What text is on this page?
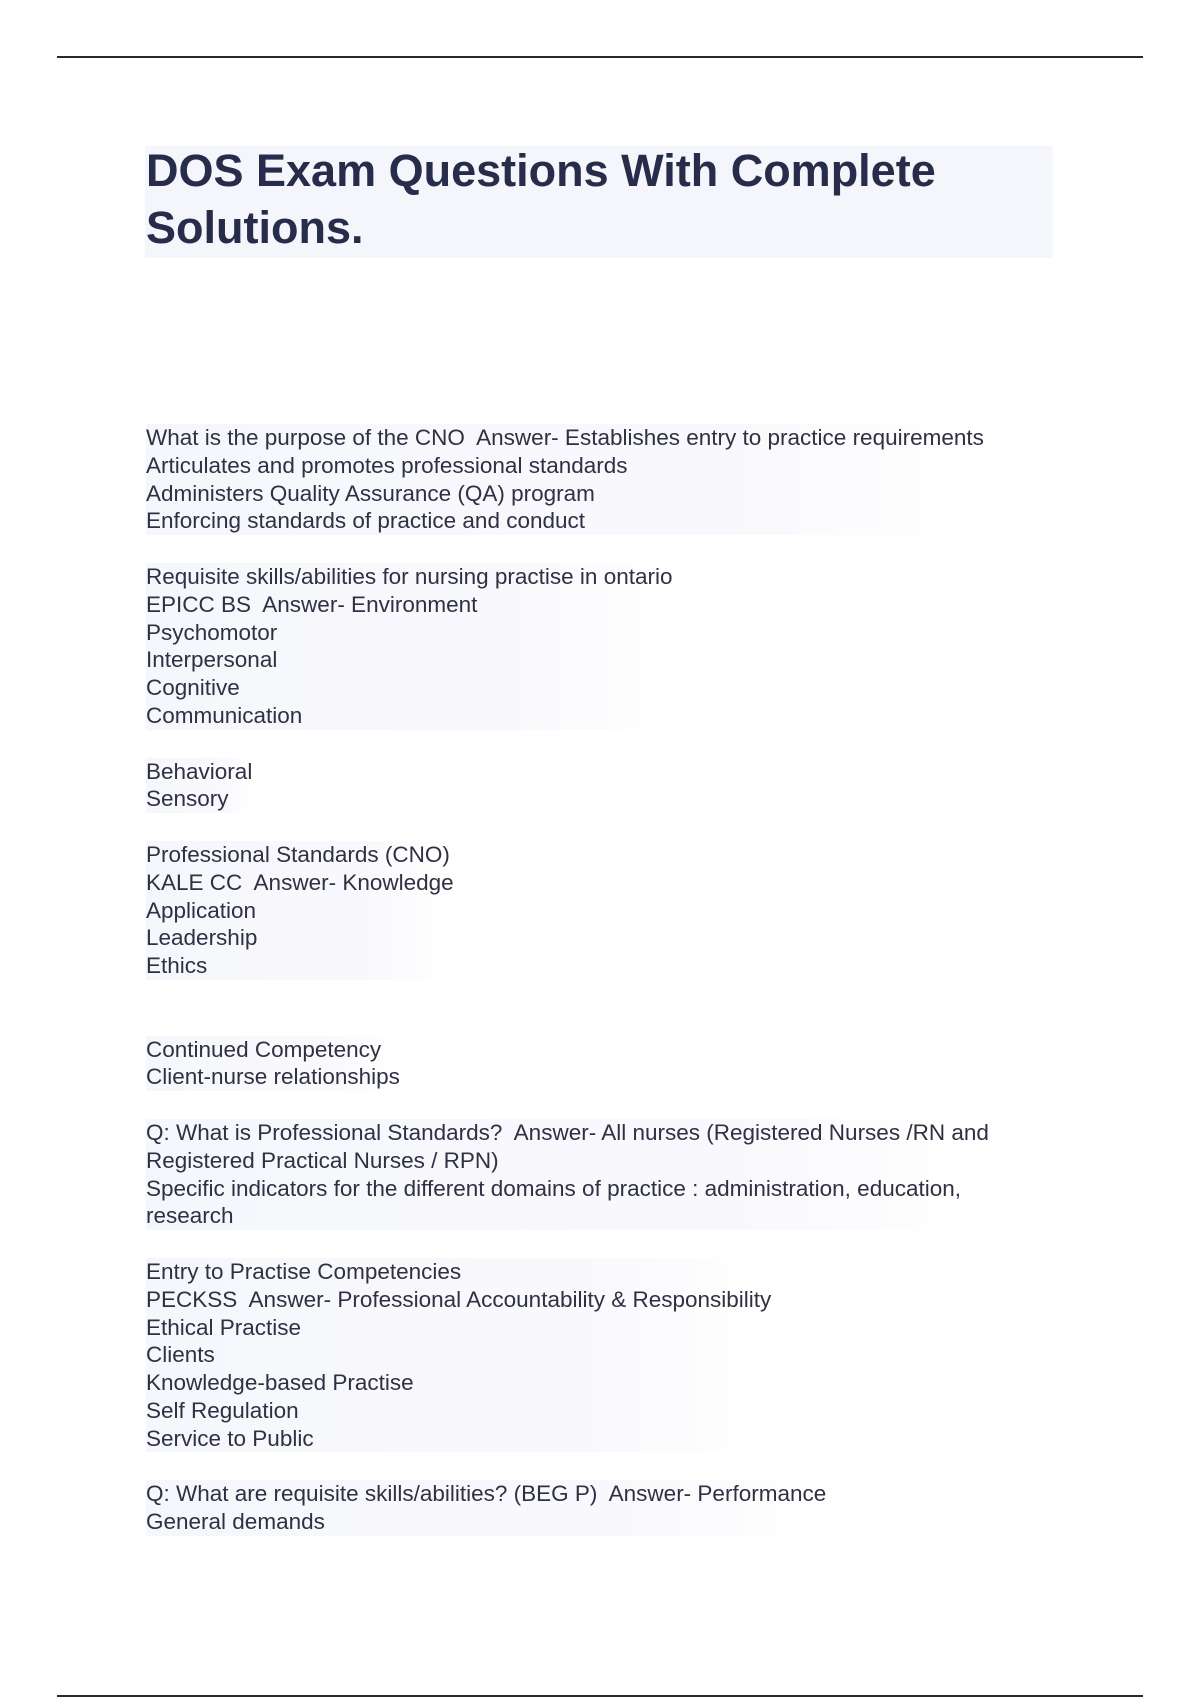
DOS Exam Questions With Complete
Solutions.
What is the purpose of the CNO  Answer- Establishes entry to practice requirements
Articulates and promotes professional standards
Administers Quality Assurance (QA) program
Enforcing standards of practice and conduct
Requisite skills/abilities for nursing practise in ontario
EPICC BS  Answer- Environment
Psychomotor
Interpersonal
Cognitive
Communication
Behavioral
Sensory
Professional Standards (CNO)
KALE CC  Answer- Knowledge
Application
Leadership
Ethics
Continued Competency
Client-nurse relationships
Q: What is Professional Standards?  Answer- All nurses (Registered Nurses /RN and
Registered Practical Nurses / RPN)
Specific indicators for the different domains of practice : administration, education,
research
Entry to Practise Competencies
PECKSS  Answer- Professional Accountability & Responsibility
Ethical Practise
Clients
Knowledge-based Practise
Self Regulation
Service to Public
Q: What are requisite skills/abilities? (BEG P)  Answer- Performance
General demands
